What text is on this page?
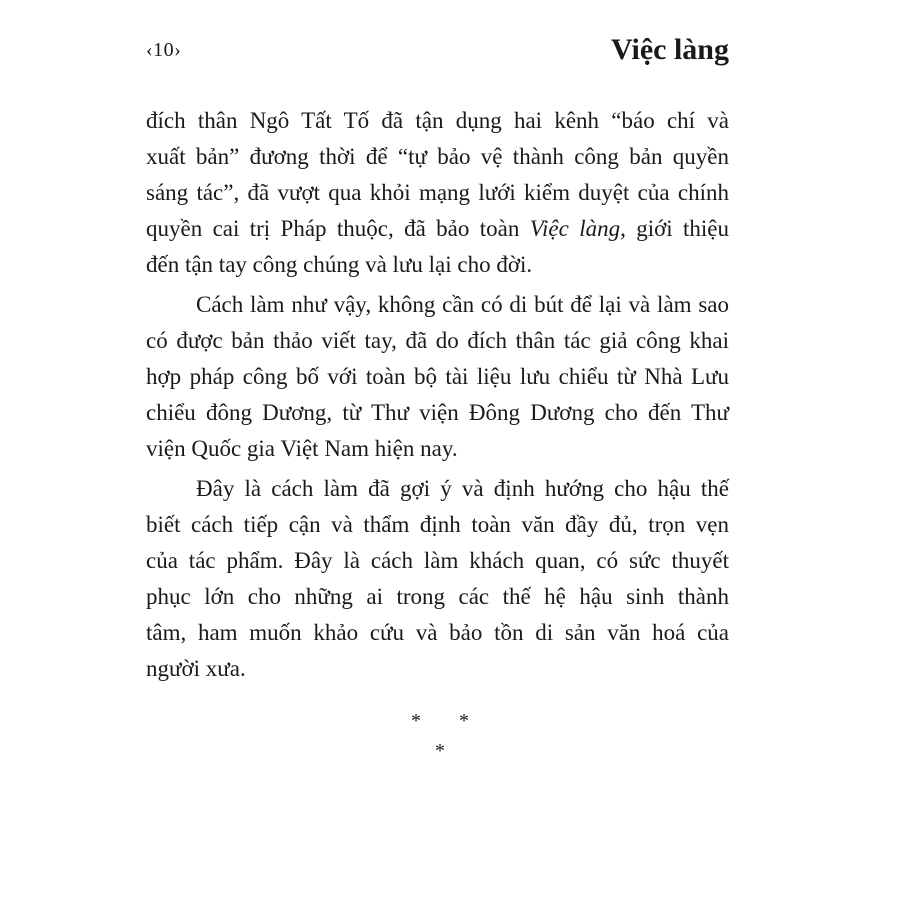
‹10›	Việc làng

đích thân Ngô Tất Tố đã tận dụng hai kênh “báo chí và
xuất bản” đương thời để “tự bảo vệ thành công bản quyền
sáng tác”, đã vượt qua khỏi mạng lưới kiểm duyệt của chính
quyền cai trị Pháp thuộc, đã bảo toàn Việc làng, giới thiệu
đến tận tay công chúng và lưu lại cho đời.

Cách làm như vậy, không cần có di bút để lại và làm sao
có được bản thảo viết tay, đã do đích thân tác giả công khai
hợp pháp công bố với toàn bộ tài liệu lưu chiểu từ Nhà Lưu
chiểu đông Dương, từ Thư viện Đông Dương cho đến Thư
viện Quốc gia Việt Nam hiện nay.

Đây là cách làm đã gợi ý và định hướng cho hậu thế
biết cách tiếp cận và thẩm định toàn văn đầy đủ, trọn vẹn
của tác phẩm. Đây là cách làm khách quan, có sức thuyết
phục lớn cho những ai trong các thế hệ hậu sinh thành
tâm, ham muốn khảo cứu và bảo tồn di sản văn hoá của
người xưa.

* *
*
